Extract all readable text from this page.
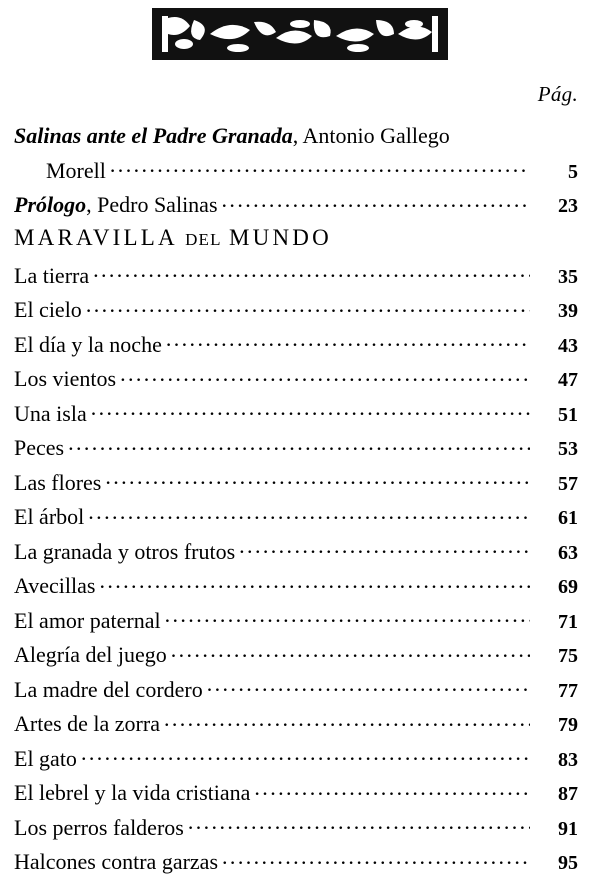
Pág.
Salinas ante el Padre Granada, Antonio Gallego
Morell .....	5
Prólogo, Pedro Salinas .....	23
MARAVILLA DEL MUNDO
La tierra .....	35
El cielo .....	39
El día y la noche .....	43
Los vientos .....	47
Una isla .....	51
Peces .....	53
Las flores .....	57
El árbol .....	61
La granada y otros frutos .....	63
Avecillas .....	69
El amor paternal .....	71
Alegría del juego .....	75
La madre del cordero .....	77
Artes de la zorra .....	79
El gato .....	83
El lebrel y la vida cristiana .....	87
Los perros falderos .....	91
Halcones contra garzas .....	95
